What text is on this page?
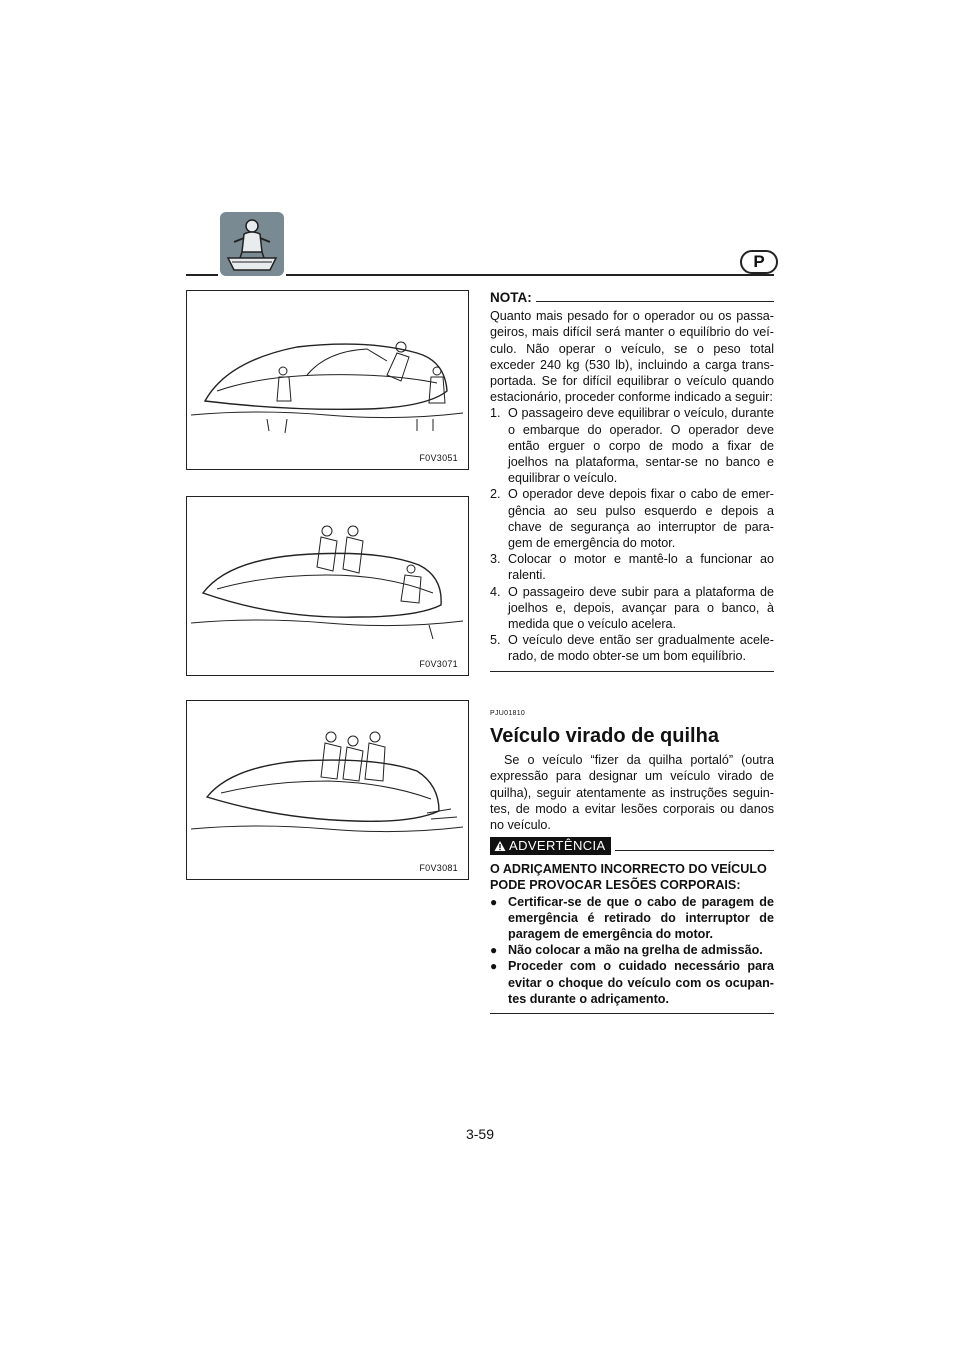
P
F0V3051
F0V3071
F0V3081
NOTA:
Quanto mais pesado for o operador ou os passa-geiros, mais difícil será manter o equilíbrio do veí-culo. Não operar o veículo, se o peso total exceder 240 kg (530 lb), incluindo a carga trans-portada. Se for difícil equilibrar o veículo quando estacionário, proceder conforme indicado a seguir:
1. O passageiro deve equilibrar o veículo, durante o embarque do operador. O operador deve então erguer o corpo de modo a fixar de joelhos na plataforma, sentar-se no banco e equilibrar o veículo.
2. O operador deve depois fixar o cabo de emer-gência ao seu pulso esquerdo e depois a chave de segurança ao interruptor de para-gem de emergência do motor.
3. Colocar o motor e mantê-lo a funcionar ao ralenti.
4. O passageiro deve subir para a plataforma de joelhos e, depois, avançar para o banco, à medida que o veículo acelera.
5. O veículo deve então ser gradualmente acele-rado, de modo obter-se um bom equilíbrio.
PJU01810
Veículo virado de quilha
Se o veículo “fizer da quilha portaló” (outra expressão para designar um veículo virado de quilha), seguir atentamente as instruções seguin-tes, de modo a evitar lesões corporais ou danos no veículo.
ADVERTÊNCIA
O ADRIÇAMENTO INCORRECTO DO VEÍCULO PODE PROVOCAR LESÕES CORPORAIS:
● Certificar-se de que o cabo de paragem de emergência é retirado do interruptor de paragem de emergência do motor.
● Não colocar a mão na grelha de admissão.
● Proceder com o cuidado necessário para evitar o choque do veículo com os ocupan-tes durante o adriçamento.
3-59
